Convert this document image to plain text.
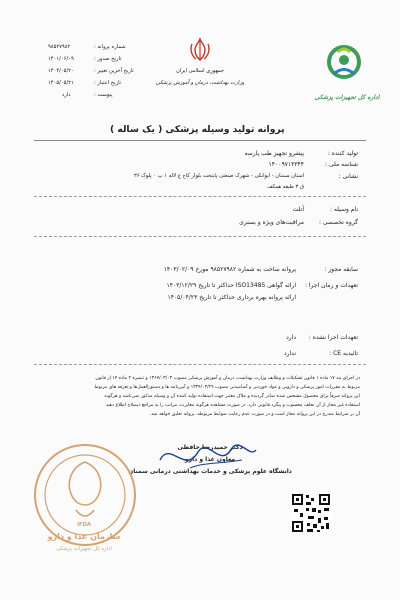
۹۸۵۲۷۹۸۲	شماره پروانه :
۱۴۰۱/۰۶/۰۹	تاریخ صدور :
۱۴۰۴/۰۵/۲۰	تاریخ آخرین تغییر :
۱۴۰۵/۰۵/۲۱	تاریخ اعتبار :
دارد	پیوست :
جمهوری اسلامی ایران
وزارت بهداشت، درمان و آموزش پزشکی
اداره کل تجهیزات پزشکی
پروانه تولید وسیله پزشکی ( یک ساله )
تولید کننده :
پیشرو تجهیز طب پارسه
شناسه ملی :
۱۴۰۰۹۷۱۳۳۴۴
نشانی :
استان سمنان - ایوانکی - شهرک صنعتی پایتخت بلوار کاج غ لاله ۱ پ ۰ پلوک ۳۶
ق ۳ طبقه همکف
نام وسیله :
آتلت
گروه تخصصی :
مراقبت‌های ویژه و بستری
سابقه مجوز :
پروانه ساخت به شماره ۹۸۵۲۷۹۸۲ مورخ ۱۴۰۳/۰۲/۰۹
تعهدات و زمان اجرا :
ارائه گواهی ISO13485 حداکثر تا تاریخ ۱۴۰۳/۱۲/۲۹
ارائه پروانه بهره برداری حداکثر تا تاریخ ۱۴۰۵/۰۴/۲۳
تعهدات اجرا نشده :
دارد
تائیدیه CE :
ندارد
در اجرای بند ۱۷ ماده ۱ قانون تشکیلات و وظایف وزارت بهداشت، درمان و آموزش پزشکی مصوب ۱۳۶۷/۰۳/۰۳ و تبصره ۲ ماده ۱۴ از قانون
مربوط به مقررات امور پزشکی و دارویی و مواد خوردنی و آشامیدنی مصوب ۱۳۳۴/۰۳/۲۹ و آیین‌نامه ها و دستورالعمل‌ها و تعرفه های مربوط
این پروانه صرفاً برای محصول مشخص شده صادر گردیده و ملاک معتبر جهت استفاده تولید کننده آن و وسیله مذکور نمی‌باشد و هرگونه
استفاده غیر مجاز از آن تخلف محسوب و پیگرد قانونی دارد. در صورت مشاهده هرگونه مغایرت، مراتب را به مراجع ذیصلاح اطلاع دهید
آن بر شرایط مندرج در این پروانه مجاز است و در صورت عدم رعایت ضوابط مربوطه، پروانه تعلیق خواهد شد.
دکتر حمیدرضا حافظی
معاون غذا و دارو
دانشگاه علوم پزشکی و خدمات بهداشتی درمانی سمنان
سازمان غذا و دارو
اداره کل تجهیزات پزشکی
IFDA
